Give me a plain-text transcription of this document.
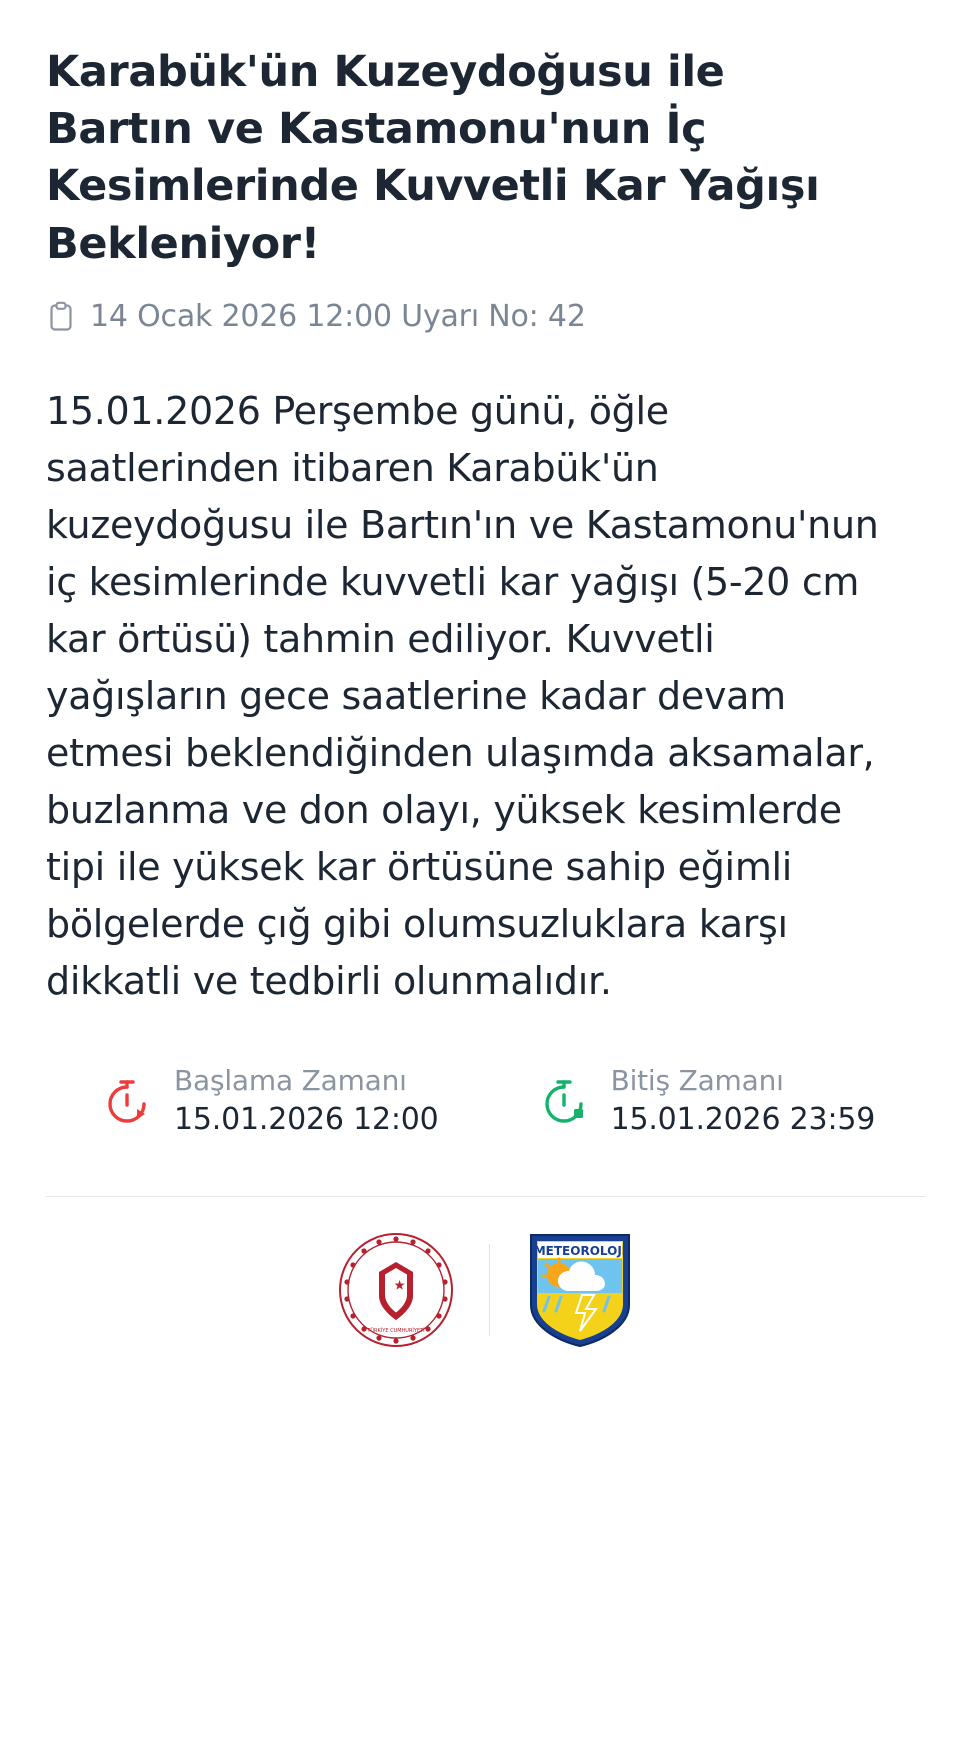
Karabük'ün Kuzeydoğusu ile Bartın ve Kastamonu'nun İç Kesimlerinde Kuvvetli Kar Yağışı Bekleniyor!
14 Ocak 2026 12:00 Uyarı No: 42

15.01.2026 Perşembe günü, öğle saatlerinden itibaren Karabük'ün kuzeydoğusu ile Bartın'ın ve Kastamonu'nun iç kesimlerinde kuvvetli kar yağışı (5-20 cm kar örtüsü) tahmin ediliyor. Kuvvetli yağışların gece saatlerine kadar devam etmesi beklendiğinden ulaşımda aksamalar, buzlanma ve don olayı, yüksek kesimlerde tipi ile yüksek kar örtüsüne sahip eğimli bölgelerde çığ gibi olumsuzluklara karşı dikkatli ve tedbirli olunmalıdır.

Başlama Zamanı
15.01.2026 12:00
Bitiş Zamanı
15.01.2026 23:59
TÜRKİYE CUMHURİYETİ
METEOROLOJİ
